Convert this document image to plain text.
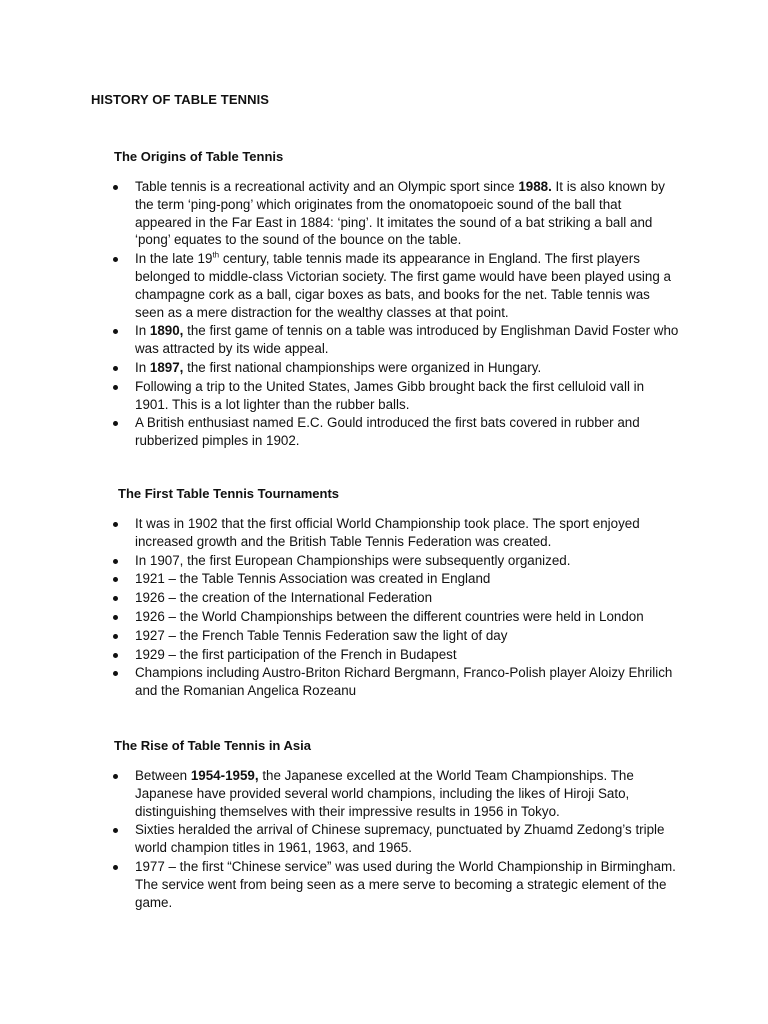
HISTORY OF TABLE TENNIS
The Origins of Table Tennis
Table tennis is a recreational activity and an Olympic sport since 1988. It is also known by the term ‘ping-pong’ which originates from the onomatopoeic sound of the ball that appeared in the Far East in 1884: ‘ping’. It imitates the sound of a bat striking a ball and ‘pong’ equates to the sound of the bounce on the table.
In the late 19th century, table tennis made its appearance in England. The first players belonged to middle-class Victorian society. The first game would have been played using a champagne cork as a ball, cigar boxes as bats, and books for the net. Table tennis was seen as a mere distraction for the wealthy classes at that point.
In 1890, the first game of tennis on a table was introduced by Englishman David Foster who was attracted by its wide appeal.
In 1897, the first national championships were organized in Hungary.
Following a trip to the United States, James Gibb brought back the first celluloid vall in 1901. This is a lot lighter than the rubber balls.
A British enthusiast named E.C. Gould introduced the first bats covered in rubber and rubberized pimples in 1902.
The First Table Tennis Tournaments
It was in 1902 that the first official World Championship took place. The sport enjoyed increased growth and the British Table Tennis Federation was created.
In 1907, the first European Championships were subsequently organized.
1921 – the Table Tennis Association was created in England
1926 – the creation of the International Federation
1926 – the World Championships between the different countries were held in London
1927 – the French Table Tennis Federation saw the light of day
1929 – the first participation of the French in Budapest
Champions including Austro-Briton Richard Bergmann, Franco-Polish player Aloizy Ehrilich and the Romanian Angelica Rozeanu
The Rise of Table Tennis in Asia
Between 1954-1959, the Japanese excelled at the World Team Championships. The Japanese have provided several world champions, including the likes of Hiroji Sato, distinguishing themselves with their impressive results in 1956 in Tokyo.
Sixties heralded the arrival of Chinese supremacy, punctuated by Zhuamd Zedong’s triple world champion titles in 1961, 1963, and 1965.
1977 – the first “Chinese service” was used during the World Championship in Birmingham. The service went from being seen as a mere serve to becoming a strategic element of the game.
